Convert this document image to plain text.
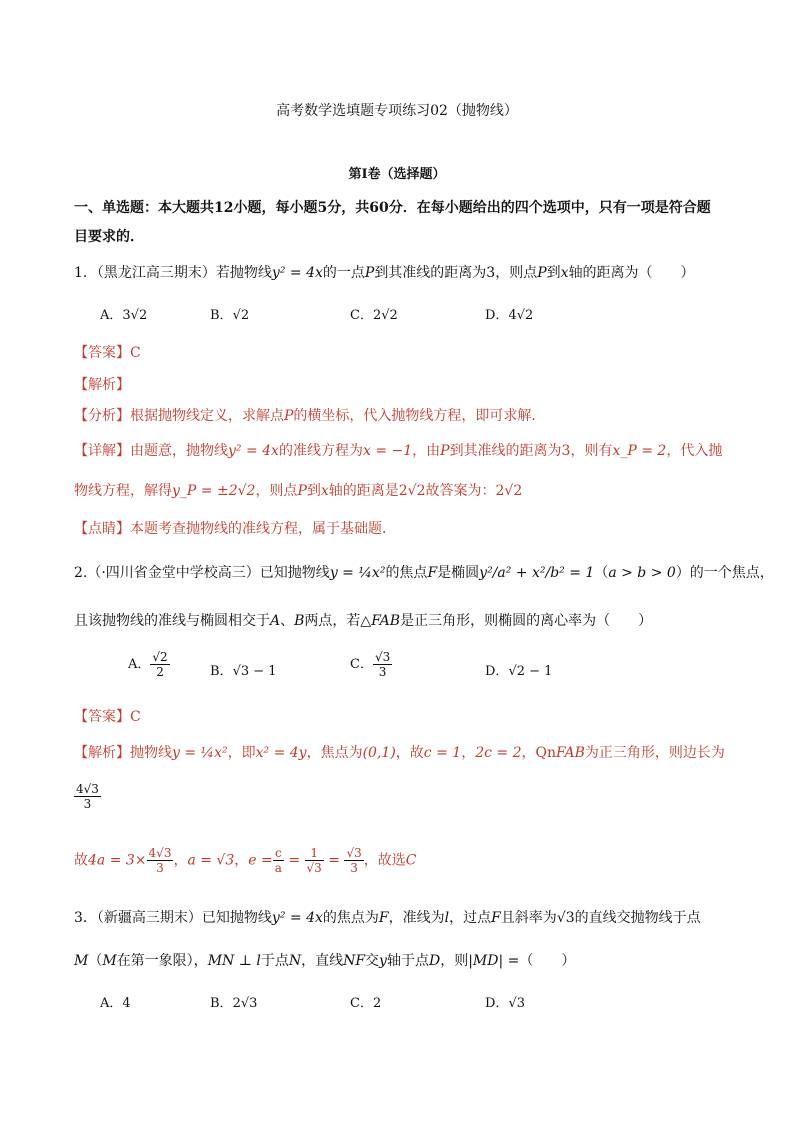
高考数学选填题专项练习02（抛物线）
第I卷（选择题）
一、单选题：本大题共12小题，每小题5分，共60分．在每小题给出的四个选项中，只有一项是符合题
目要求的．
1．（黑龙江高三期末）若抛物线y² = 4x的一点P到其准线的距离为3，则点P到x轴的距离为（　　）
A．3√2	B．√2	C．2√2	D．4√2
【答案】C
【解析】
【分析】根据抛物线定义，求解点P的横坐标，代入抛物线方程，即可求解．
【详解】由题意，抛物线y² = 4x的准线方程为x = −1，由P到其准线的距离为3，则有x_P = 2，代入抛
物线方程，解得y_P = ±2√2，则点P到x轴的距离是2√2故答案为：2√2
【点睛】本题考查抛物线的准线方程，属于基础题．
2.（·四川省金堂中学校高三）已知抛物线y = ¼x²的焦点F是椭圆y²/a² + x²/b² = 1（a > b > 0）的一个焦点，
且该抛物线的准线与椭圆相交于A、B两点，若△FAB是正三角形，则椭圆的离心率为（　　）
A． $\frac{√2}{2}$	B．√3 − 1	C． $\frac{√3}{3}$	D．√2 − 1
【答案】C
【解析】抛物线y = ¼x²，即x² = 4y，焦点为(0,1)，故c = 1，2c = 2，QnFAB为正三角形，则边长为
$\frac{4√3}{3}$
故$4a = 3\times \frac{4√3}{3}$ ，a = √3，$e = \frac{c}{a} = \frac{1}{√3} = \frac{√3}{3}$ ，故选C
3．（新疆高三期末）已知抛物线y² = 4x的焦点为F，准线为l，过点F且斜率为√3的直线交抛物线于点
M（M在第一象限），MN ⊥ l于点N，直线NF交y轴于点D，则|MD| =（　　）
A．4	B．2√3	C．2	D．√3
